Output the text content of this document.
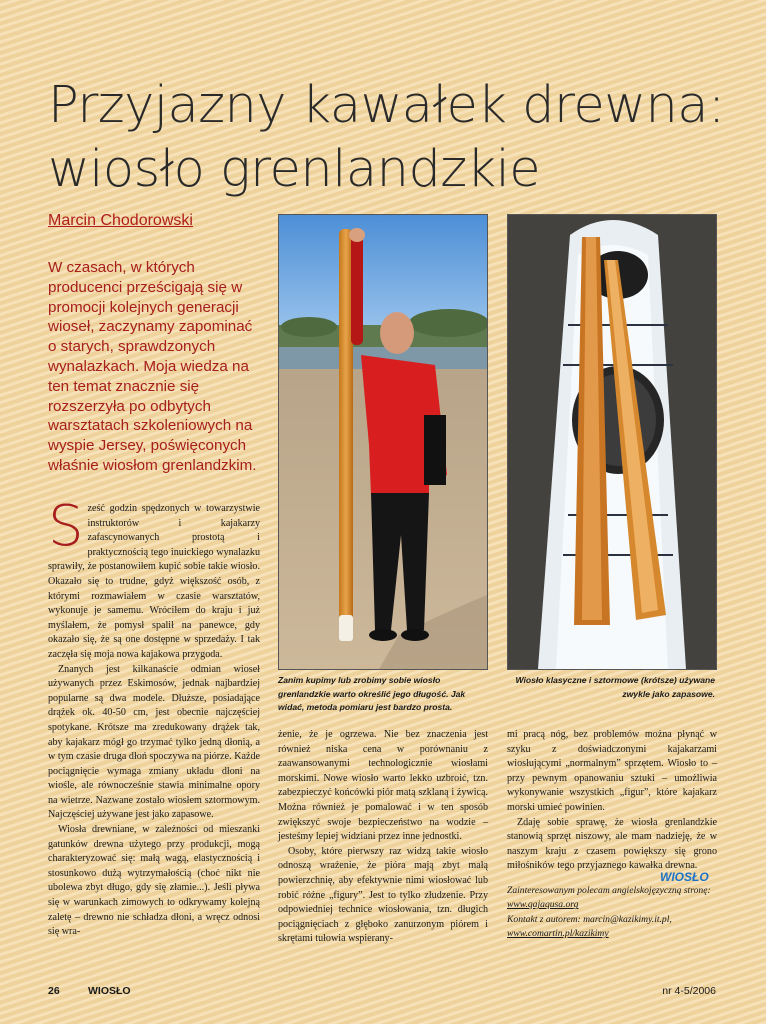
Przyjazny kawałek drewna:
wiosło grenlandzkie
Marcin Chodorowski
W czasach, w których producenci prześcigają się w promocji kolejnych generacji wioseł, zaczynamy zapominać o starych, sprawdzonych wynalazkach. Moja wiedza na ten temat znacznie się rozszerzyła po odbytych warsztatach szkoleniowych na wyspie Jersey, poświęconych właśnie wiosłom grenlandzkim.
Zanim kupimy lub zrobimy sobie wiosło grenlandzkie warto określić jego długość. Jak widać, metoda pomiaru jest bardzo prosta.
Wiosło klasyczne i sztormowe (krótsze) używane zwykle jako zapasowe.

Sześć godzin spędzonych w towarzystwie instruktorów i kajakarzy zafascynowanych prostotą i praktycznością tego inuickiego wynalazku sprawiły, że postanowiłem kupić sobie takie wiosło. Okazało się to trudne, gdyż większość osób, z którymi rozmawiałem w czasie warsztatów, wykonuje je samemu. Wróciłem do kraju i już myślałem, że pomysł spalił na panewce, gdy okazało się, że są one dostępne w sprzedaży. I tak zaczęła się moja nowa kajakowa przygoda.

Znanych jest kilkanaście odmian wioseł używanych przez Eskimosów, jednak najbardziej popularne są dwa modele. Dłuższe, posiadające drążek ok. 40-50 cm, jest obecnie najczęściej spotykane. Krótsze ma zredukowany drążek tak, aby kajakarz mógł go trzymać tylko jedną dłonią, a w tym czasie druga dłoń spoczywa na piórze. Każde pociągnięcie wymaga zmiany układu dłoni na wiośle, ale równocześnie stawia minimalne opory na wietrze. Nazwane zostało wiosłem sztormowym. Najczęściej używane jest jako zapasowe.

Wiosła drewniane, w zależności od mieszanki gatunków drewna użytego przy produkcji, mogą charakteryzować się: małą wagą, elastycznością i stosunkowo dużą wytrzymałością (choć nikt nie ubolewa zbyt długo, gdy się złamie...). Jeśli pływa się w warunkach zimowych to odkrywamy kolejną zaletę – drewno nie schładza dłoni, a wręcz odnosi się wra-

żenie, że je ogrzewa. Nie bez znaczenia jest również niska cena w porównaniu z zaawansowanymi technologicznie wiosłami morskimi. Nowe wiosło warto lekko uzbroić, tzn. zabezpieczyć końcówki piór matą szklaną i żywicą. Można również je pomalować i w ten sposób zwiększyć swoje bezpieczeństwo na wodzie – jesteśmy lepiej widziani przez inne jednostki.

Osoby, które pierwszy raz widzą takie wiosło odnoszą wrażenie, że pióra mają zbyt małą powierzchnię, aby efektywnie nimi wiosłować lub robić różne „figury”. Jest to tylko złudzenie. Przy odpowiedniej technice wiosłowania, tzn. długich pociągnięciach z głęboko zanurzonym piórem i skrętami tułowia wspierany-

mi pracą nóg, bez problemów można płynąć w szyku z doświadczonymi kajakarzami wiosłującymi „normalnym” sprzętem. Wiosło to – przy pewnym opanowaniu sztuki – umożliwia wykonywanie wszystkich „figur”, które kajakarz morski umieć powinien.

Zdaję sobie sprawę, że wiosła grenlandzkie stanowią sprzęt niszowy, ale mam nadzieję, że w naszym kraju z czasem powiększy się grono miłośników tego przyjaznego kawałka drewna.

Zainteresowanym polecam angielskojęzyczną stronę: www.qajaqusa.org
Kontakt z autorem: marcin@kazikimy.it.pl,
www.comartin.pl/kazikimy
WIOSŁO
26	WIOSŁO	nr 4-5/2006
